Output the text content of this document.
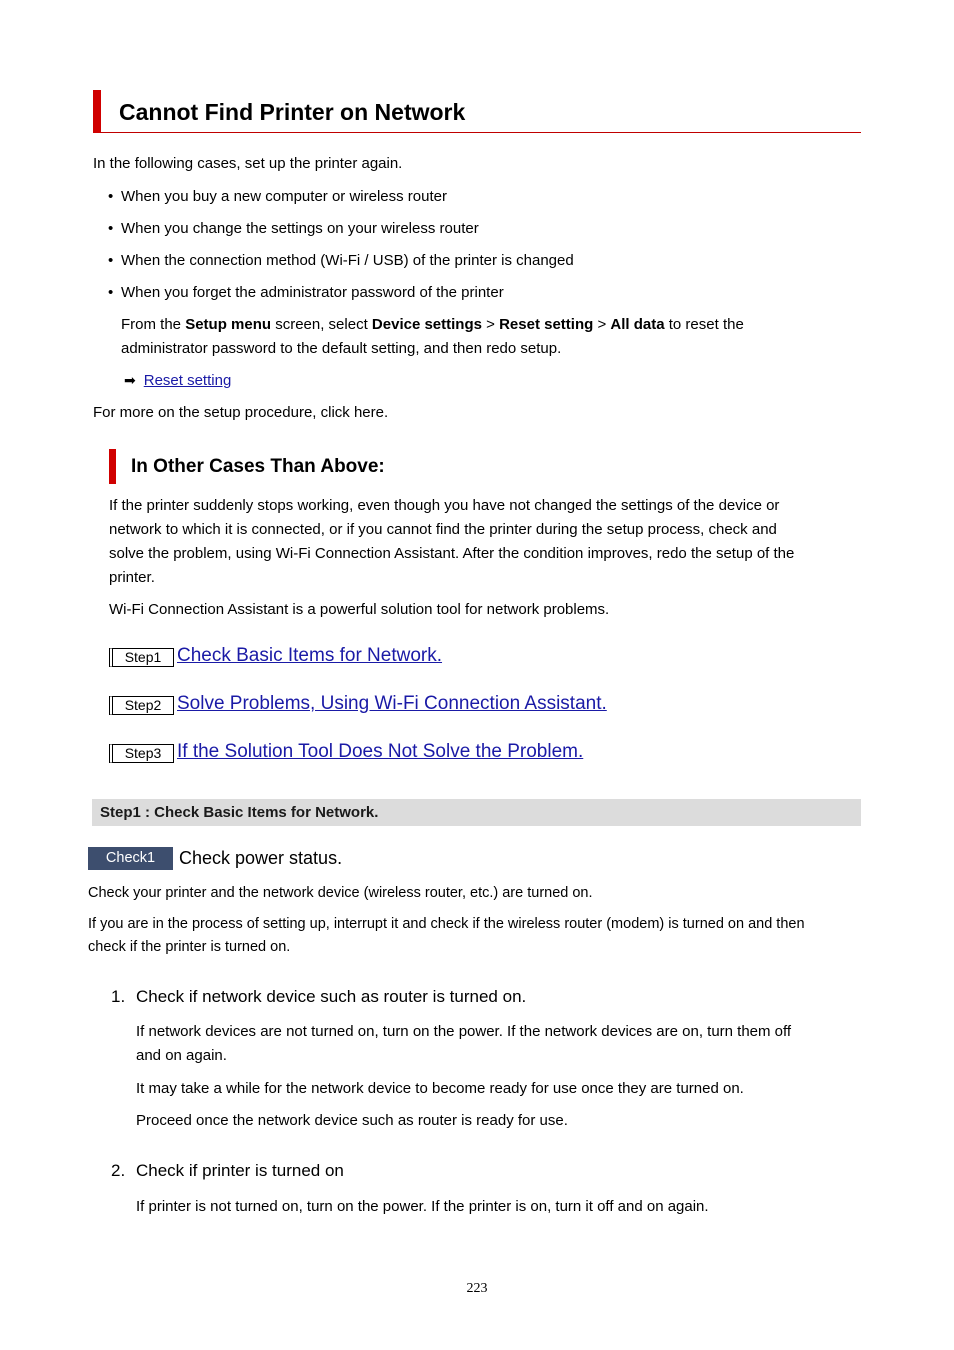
Cannot Find Printer on Network
In the following cases, set up the printer again.
• When you buy a new computer or wireless router
• When you change the settings on your wireless router
• When the connection method (Wi-Fi / USB) of the printer is changed
• When you forget the administrator password of the printer
From the Setup menu screen, select Device settings > Reset setting > All data to reset the
administrator password to the default setting, and then redo setup.
➡ Reset setting
For more on the setup procedure, click here.
In Other Cases Than Above:
If the printer suddenly stops working, even though you have not changed the settings of the device or
network to which it is connected, or if you cannot find the printer during the setup process, check and
solve the problem, using Wi-Fi Connection Assistant. After the condition improves, redo the setup of the
printer.
Wi-Fi Connection Assistant is a powerful solution tool for network problems.
Step1 Check Basic Items for Network.
Step2 Solve Problems, Using Wi-Fi Connection Assistant.
Step3 If the Solution Tool Does Not Solve the Problem.
Step1 : Check Basic Items for Network.
Check1	Check power status.
Check your printer and the network device (wireless router, etc.) are turned on.
If you are in the process of setting up, interrupt it and check if the wireless router (modem) is turned on and then
check if the printer is turned on.
1. Check if network device such as router is turned on.
If network devices are not turned on, turn on the power. If the network devices are on, turn them off
and on again.
It may take a while for the network device to become ready for use once they are turned on.
Proceed once the network device such as router is ready for use.
2. Check if printer is turned on
If printer is not turned on, turn on the power. If the printer is on, turn it off and on again.
223
